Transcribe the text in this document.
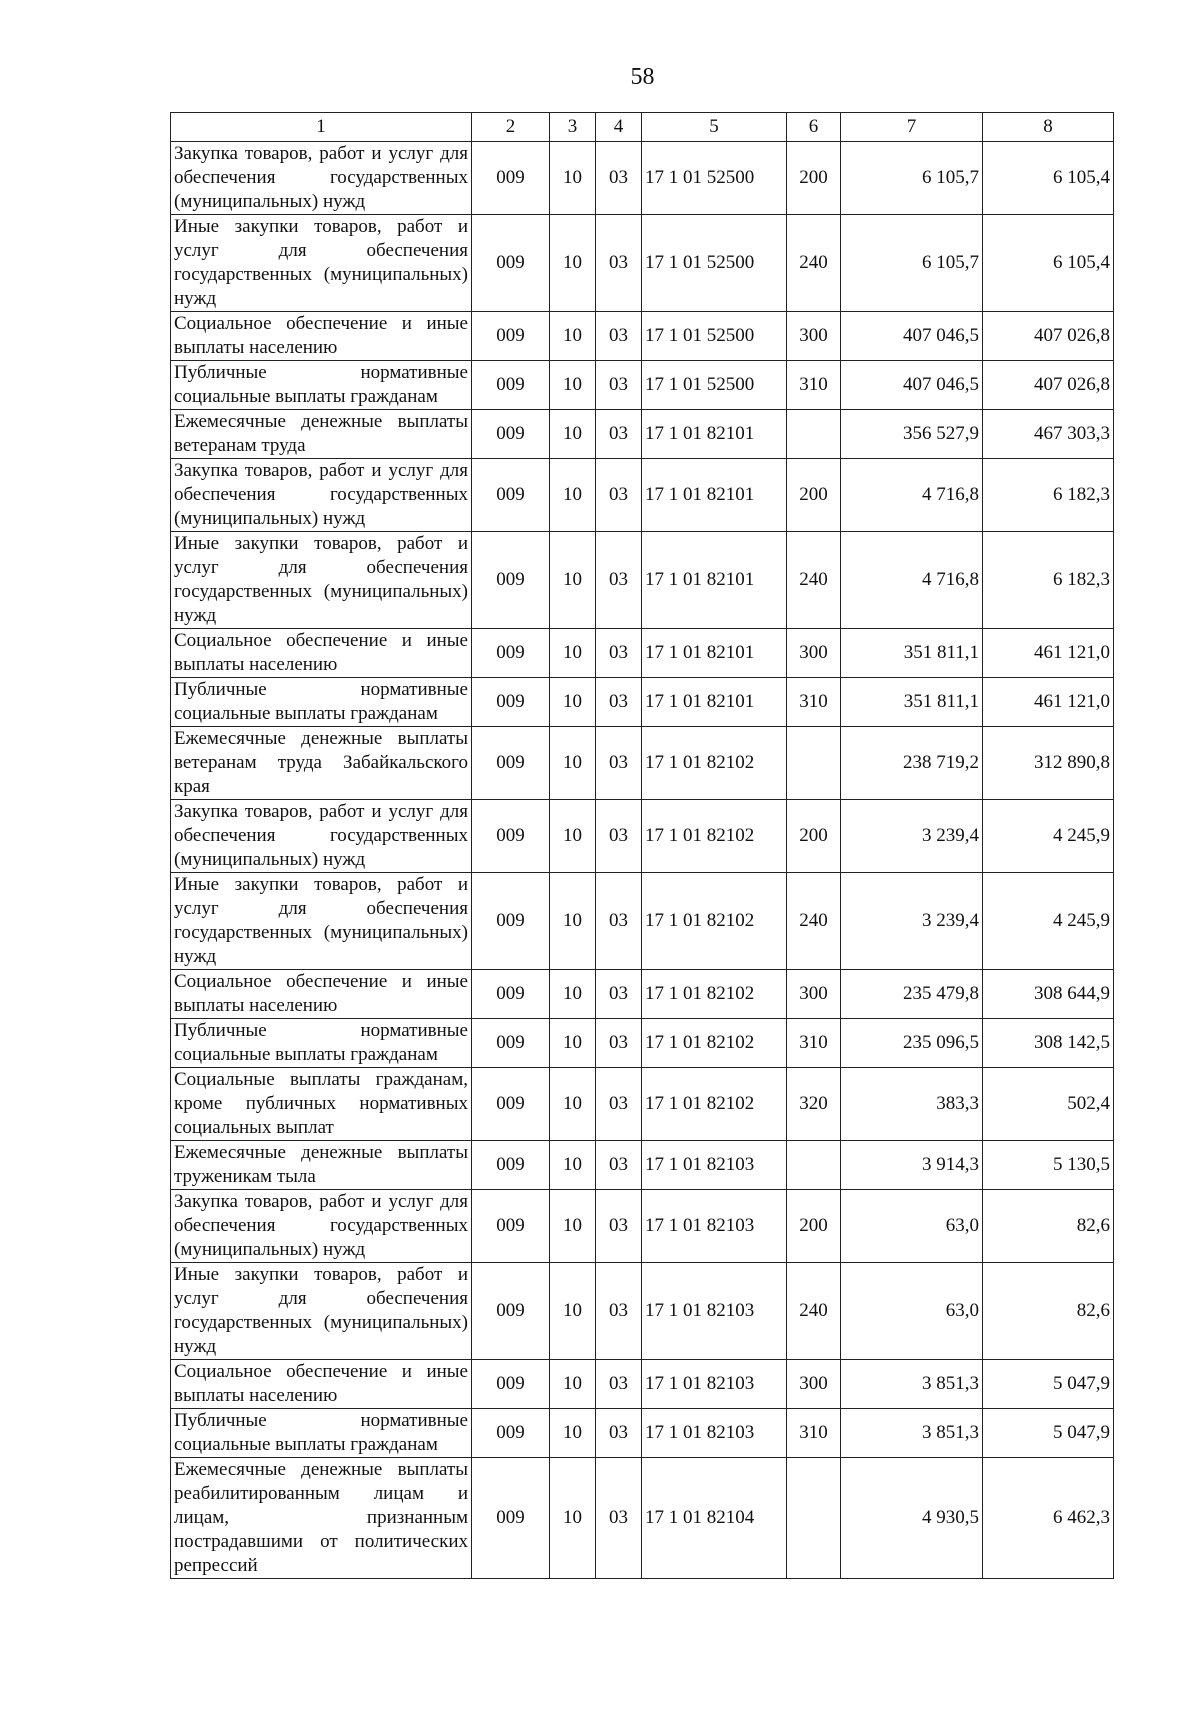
58
1	2	3	4	5	6	7	8
Закупка товаров, работ и услуг для обеспечения государственных (муниципальных) нужд	009	10	03	17 1 01 52500	200	6 105,7	6 105,4
Иные закупки товаров, работ и услуг для обеспечения государственных (муниципальных) нужд	009	10	03	17 1 01 52500	240	6 105,7	6 105,4
Социальное обеспечение и иные выплаты населению	009	10	03	17 1 01 52500	300	407 046,5	407 026,8
Публичные нормативные социальные выплаты гражданам	009	10	03	17 1 01 52500	310	407 046,5	407 026,8
Ежемесячные денежные выплаты ветеранам труда	009	10	03	17 1 01 82101		356 527,9	467 303,3
Закупка товаров, работ и услуг для обеспечения государственных (муниципальных) нужд	009	10	03	17 1 01 82101	200	4 716,8	6 182,3
Иные закупки товаров, работ и услуг для обеспечения государственных (муниципальных) нужд	009	10	03	17 1 01 82101	240	4 716,8	6 182,3
Социальное обеспечение и иные выплаты населению	009	10	03	17 1 01 82101	300	351 811,1	461 121,0
Публичные нормативные социальные выплаты гражданам	009	10	03	17 1 01 82101	310	351 811,1	461 121,0
Ежемесячные денежные выплаты ветеранам труда Забайкальского края	009	10	03	17 1 01 82102		238 719,2	312 890,8
Закупка товаров, работ и услуг для обеспечения государственных (муниципальных) нужд	009	10	03	17 1 01 82102	200	3 239,4	4 245,9
Иные закупки товаров, работ и услуг для обеспечения государственных (муниципальных) нужд	009	10	03	17 1 01 82102	240	3 239,4	4 245,9
Социальное обеспечение и иные выплаты населению	009	10	03	17 1 01 82102	300	235 479,8	308 644,9
Публичные нормативные социальные выплаты гражданам	009	10	03	17 1 01 82102	310	235 096,5	308 142,5
Социальные выплаты гражданам, кроме публичных нормативных социальных выплат	009	10	03	17 1 01 82102	320	383,3	502,4
Ежемесячные денежные выплаты труженикам тыла	009	10	03	17 1 01 82103		3 914,3	5 130,5
Закупка товаров, работ и услуг для обеспечения государственных (муниципальных) нужд	009	10	03	17 1 01 82103	200	63,0	82,6
Иные закупки товаров, работ и услуг для обеспечения государственных (муниципальных) нужд	009	10	03	17 1 01 82103	240	63,0	82,6
Социальное обеспечение и иные выплаты населению	009	10	03	17 1 01 82103	300	3 851,3	5 047,9
Публичные нормативные социальные выплаты гражданам	009	10	03	17 1 01 82103	310	3 851,3	5 047,9
Ежемесячные денежные выплаты реабилитированным лицам и лицам, признанным пострадавшими от политических репрессий	009	10	03	17 1 01 82104		4 930,5	6 462,3
